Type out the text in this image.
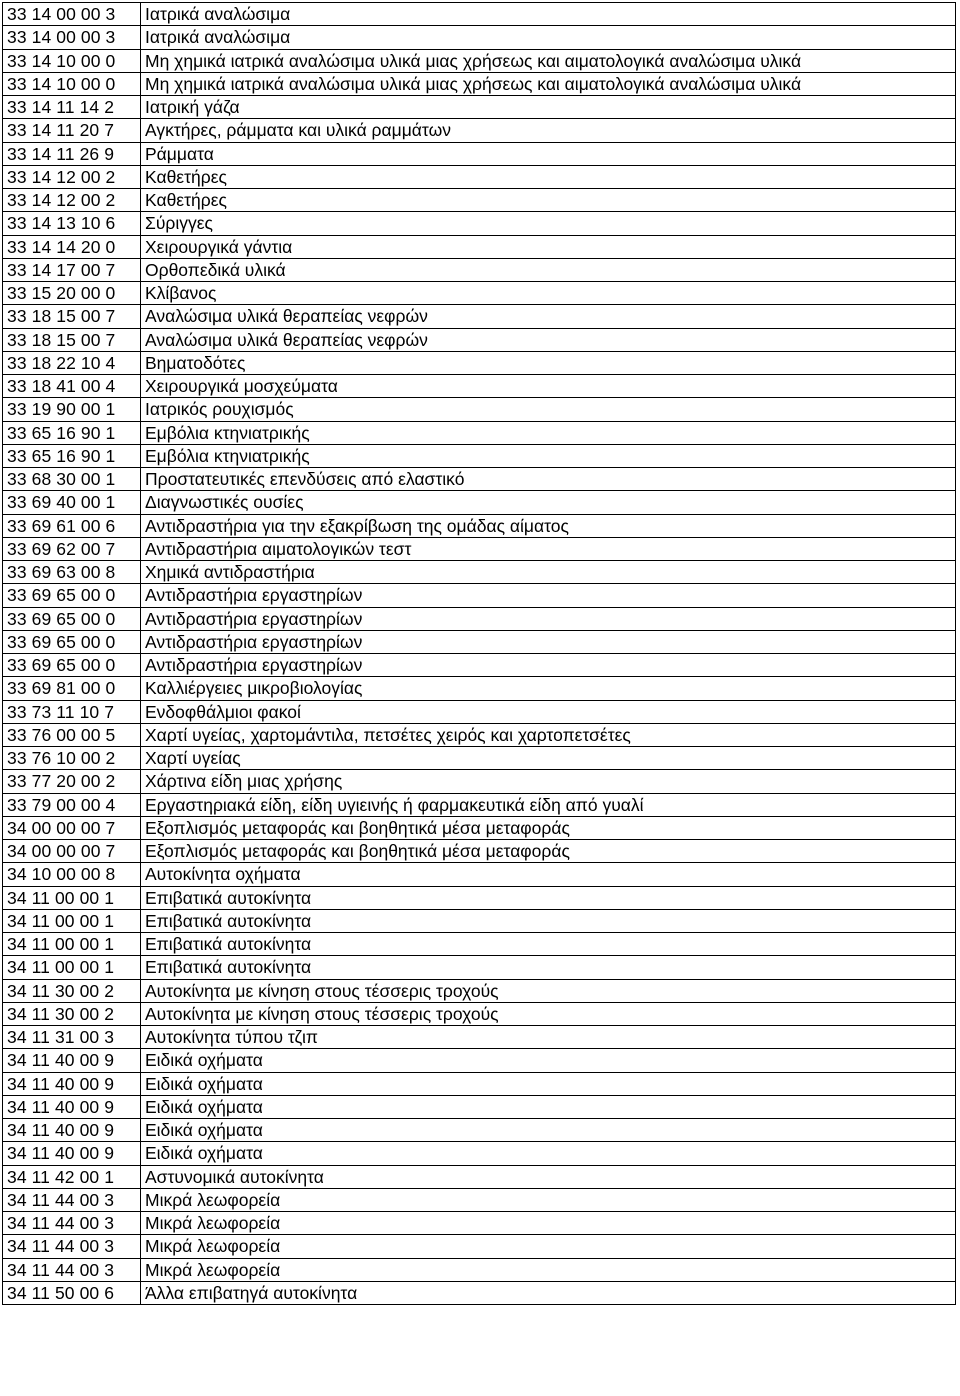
33 14 00 00 3	Ιατρικά αναλώσιμα
33 14 00 00 3	Ιατρικά αναλώσιμα
33 14 10 00 0	Μη χημικά ιατρικά αναλώσιμα υλικά μιας χρήσεως και αιματολογικά αναλώσιμα υλικά
33 14 10 00 0	Μη χημικά ιατρικά αναλώσιμα υλικά μιας χρήσεως και αιματολογικά αναλώσιμα υλικά
33 14 11 14 2	Ιατρική γάζα
33 14 11 20 7	Αγκτήρες, ράμματα και υλικά ραμμάτων
33 14 11 26 9	Ράμματα
33 14 12 00 2	Καθετήρες
33 14 12 00 2	Καθετήρες
33 14 13 10 6	Σύριγγες
33 14 14 20 0	Χειρουργικά γάντια
33 14 17 00 7	Ορθοπεδικά υλικά
33 15 20 00 0	Κλίβανος
33 18 15 00 7	Αναλώσιμα υλικά θεραπείας νεφρών
33 18 15 00 7	Αναλώσιμα υλικά θεραπείας νεφρών
33 18 22 10 4	Βηματοδότες
33 18 41 00 4	Χειρουργικά μοσχεύματα
33 19 90 00 1	Ιατρικός ρουχισμός
33 65 16 90 1	Εμβόλια κτηνιατρικής
33 65 16 90 1	Εμβόλια κτηνιατρικής
33 68 30 00 1	Προστατευτικές επενδύσεις από ελαστικό
33 69 40 00 1	Διαγνωστικές ουσίες
33 69 61 00 6	Αντιδραστήρια για την εξακρίβωση της ομάδας αίματος
33 69 62 00 7	Αντιδραστήρια αιματολογικών τεστ
33 69 63 00 8	Χημικά αντιδραστήρια
33 69 65 00 0	Αντιδραστήρια εργαστηρίων
33 69 65 00 0	Αντιδραστήρια εργαστηρίων
33 69 65 00 0	Αντιδραστήρια εργαστηρίων
33 69 65 00 0	Αντιδραστήρια εργαστηρίων
33 69 81 00 0	Καλλιέργειες μικροβιολογίας
33 73 11 10 7	Ενδοφθάλμιοι φακοί
33 76 00 00 5	Χαρτί υγείας, χαρτομάντιλα, πετσέτες χειρός και χαρτοπετσέτες
33 76 10 00 2	Χαρτί υγείας
33 77 20 00 2	Χάρτινα είδη μιας χρήσης
33 79 00 00 4	Εργαστηριακά είδη, είδη υγιεινής ή φαρμακευτικά είδη από γυαλί
34 00 00 00 7	Εξοπλισμός μεταφοράς και βοηθητικά μέσα μεταφοράς
34 00 00 00 7	Εξοπλισμός μεταφοράς και βοηθητικά μέσα μεταφοράς
34 10 00 00 8	Αυτοκίνητα οχήματα
34 11 00 00 1	Επιβατικά αυτοκίνητα
34 11 00 00 1	Επιβατικά αυτοκίνητα
34 11 00 00 1	Επιβατικά αυτοκίνητα
34 11 00 00 1	Επιβατικά αυτοκίνητα
34 11 30 00 2	Αυτοκίνητα με κίνηση στους τέσσερις τροχούς
34 11 30 00 2	Αυτοκίνητα με κίνηση στους τέσσερις τροχούς
34 11 31 00 3	Αυτοκίνητα τύπου τζιπ
34 11 40 00 9	Ειδικά οχήματα
34 11 40 00 9	Ειδικά οχήματα
34 11 40 00 9	Ειδικά οχήματα
34 11 40 00 9	Ειδικά οχήματα
34 11 40 00 9	Ειδικά οχήματα
34 11 42 00 1	Αστυνομικά αυτοκίνητα
34 11 44 00 3	Μικρά λεωφορεία
34 11 44 00 3	Μικρά λεωφορεία
34 11 44 00 3	Μικρά λεωφορεία
34 11 44 00 3	Μικρά λεωφορεία
34 11 50 00 6	Άλλα επιβατηγά αυτοκίνητα
